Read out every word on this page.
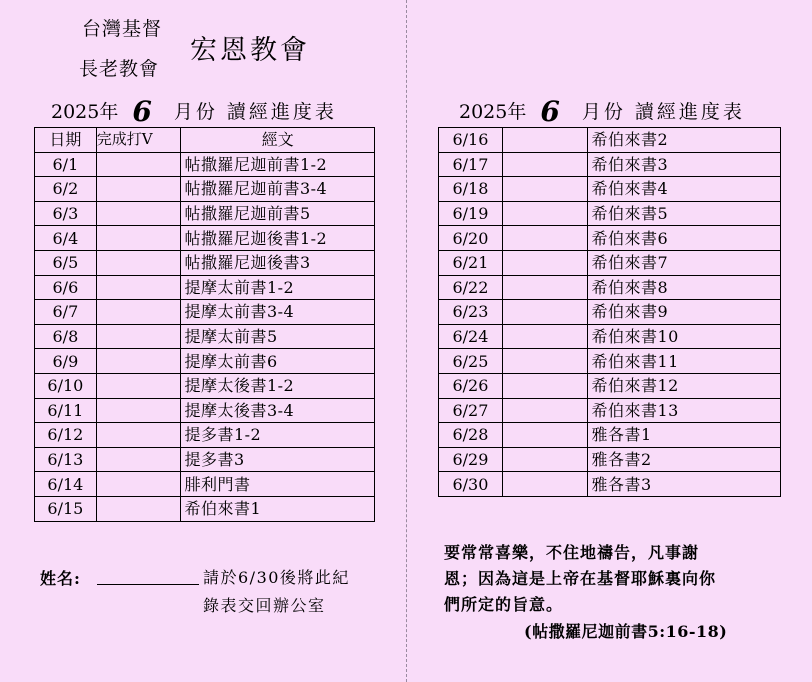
台灣基督
長老教會
宏恩教會
2025年 6 月份 讀經進度表	2025年 6 月份 讀經進度表
日期	完成打V	經文
6/1		帖撒羅尼迦前書1-2
6/2		帖撒羅尼迦前書3-4
6/3		帖撒羅尼迦前書5
6/4		帖撒羅尼迦後書1-2
6/5		帖撒羅尼迦後書3
6/6		提摩太前書1-2
6/7		提摩太前書3-4
6/8		提摩太前書5
6/9		提摩太前書6
6/10		提摩太後書1-2
6/11		提摩太後書3-4
6/12		提多書1-2
6/13		提多書3
6/14		腓利門書
6/15		希伯來書1
6/16		希伯來書2
6/17		希伯來書3
6/18		希伯來書4
6/19		希伯來書5
6/20		希伯來書6
6/21		希伯來書7
6/22		希伯來書8
6/23		希伯來書9
6/24		希伯來書10
6/25		希伯來書11
6/26		希伯來書12
6/27		希伯來書13
6/28		雅各書1
6/29		雅各書2
6/30		雅各書3
姓名:	請於6/30後將此紀
錄表交回辦公室
要常常喜樂，不住地禱告，凡事謝
恩；因為這是上帝在基督耶穌裏向你
們所定的旨意。
(帖撒羅尼迦前書5:16-18)
